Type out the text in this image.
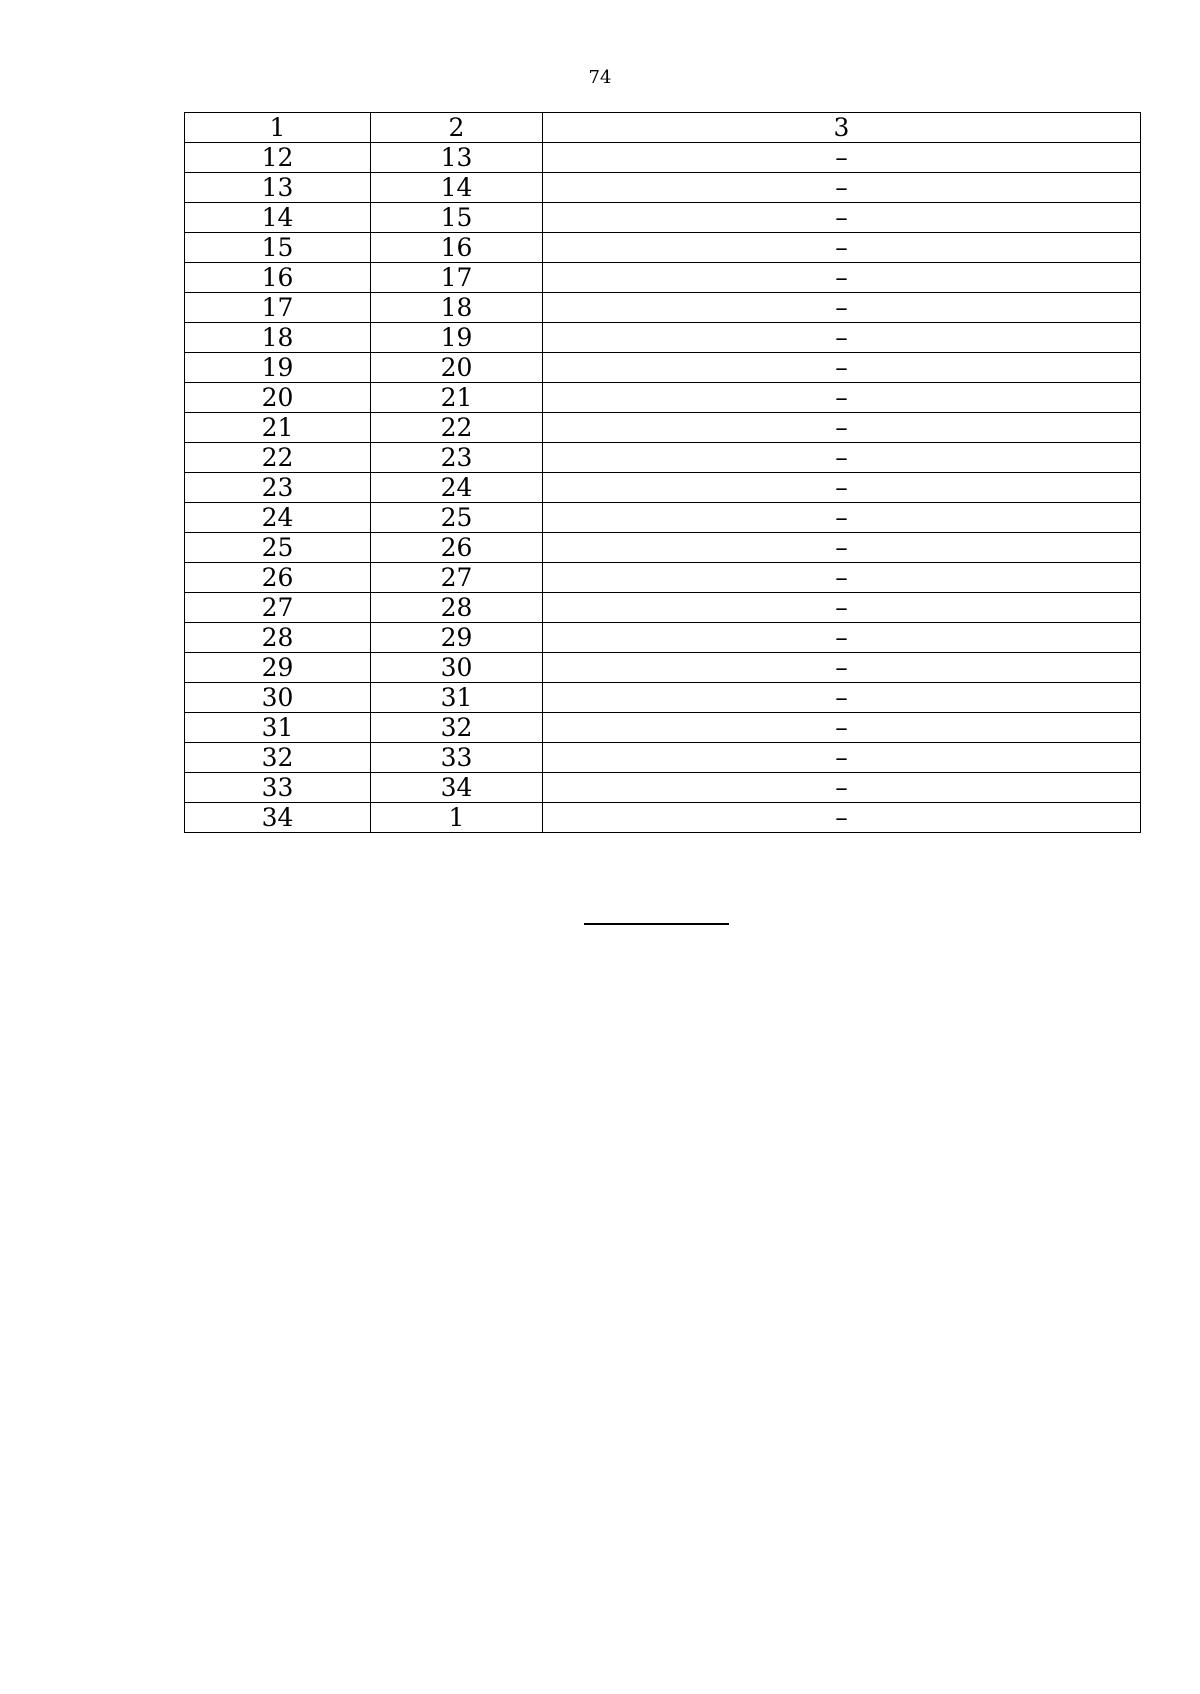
74
1	2	3
12	13	–
13	14	–
14	15	–
15	16	–
16	17	–
17	18	–
18	19	–
19	20	–
20	21	–
21	22	–
22	23	–
23	24	–
24	25	–
25	26	–
26	27	–
27	28	–
28	29	–
29	30	–
30	31	–
31	32	–
32	33	–
33	34	–
34	1	–
